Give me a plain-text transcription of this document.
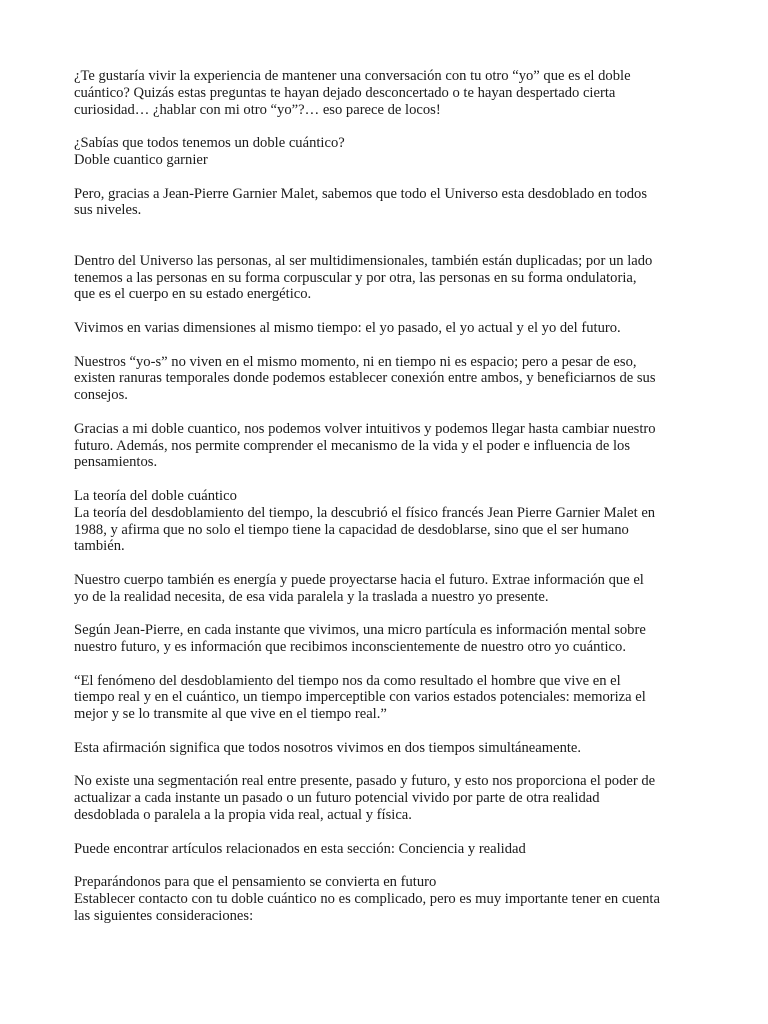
¿Te gustaría vivir la experiencia de mantener una conversación con tu otro “yo” que es el doble
cuántico? Quizás estas preguntas te hayan dejado desconcertado o te hayan despertado cierta
curiosidad… ¿hablar con mi otro “yo”?… eso parece de locos!

¿Sabías que todos tenemos un doble cuántico?
Doble cuantico garnier

Pero, gracias a Jean-Pierre Garnier Malet, sabemos que todo el Universo esta desdoblado en todos
sus niveles.

Dentro del Universo las personas, al ser multidimensionales, también están duplicadas; por un lado
tenemos a las personas en su forma corpuscular y por otra, las personas en su forma ondulatoria,
que es el cuerpo en su estado energético.

Vivimos en varias dimensiones al mismo tiempo: el yo pasado, el yo actual y el yo del futuro.

Nuestros “yo-s” no viven en el mismo momento, ni en tiempo ni es espacio; pero a pesar de eso,
existen ranuras temporales donde podemos establecer conexión entre ambos, y beneficiarnos de sus
consejos.

Gracias a mi doble cuantico, nos podemos volver intuitivos y podemos llegar hasta cambiar nuestro
futuro. Además, nos permite comprender el mecanismo de la vida y el poder e influencia de los
pensamientos.

La teoría del doble cuántico
La teoría del desdoblamiento del tiempo, la descubrió el físico francés Jean Pierre Garnier Malet en
1988, y afirma que no solo el tiempo tiene la capacidad de desdoblarse, sino que el ser humano
también.

Nuestro cuerpo también es energía y puede proyectarse hacia el futuro. Extrae información que el
yo de la realidad necesita, de esa vida paralela y la traslada a nuestro yo presente.

Según Jean-Pierre, en cada instante que vivimos, una micro partícula es información mental sobre
nuestro futuro, y es información que recibimos inconscientemente de nuestro otro yo cuántico.

“El fenómeno del desdoblamiento del tiempo nos da como resultado el hombre que vive en el
tiempo real y en el cuántico, un tiempo imperceptible con varios estados potenciales: memoriza el
mejor y se lo transmite al que vive en el tiempo real.”

Esta afirmación significa que todos nosotros vivimos en dos tiempos simultáneamente.

No existe una segmentación real entre presente, pasado y futuro, y esto nos proporciona el poder de
actualizar a cada instante un pasado o un futuro potencial vivido por parte de otra realidad
desdoblada o paralela a la propia vida real, actual y física.

Puede encontrar artículos relacionados en esta sección: Conciencia y realidad

Preparándonos para que el pensamiento se convierta en futuro
Establecer contacto con tu doble cuántico no es complicado, pero es muy importante tener en cuenta
las siguientes consideraciones:
